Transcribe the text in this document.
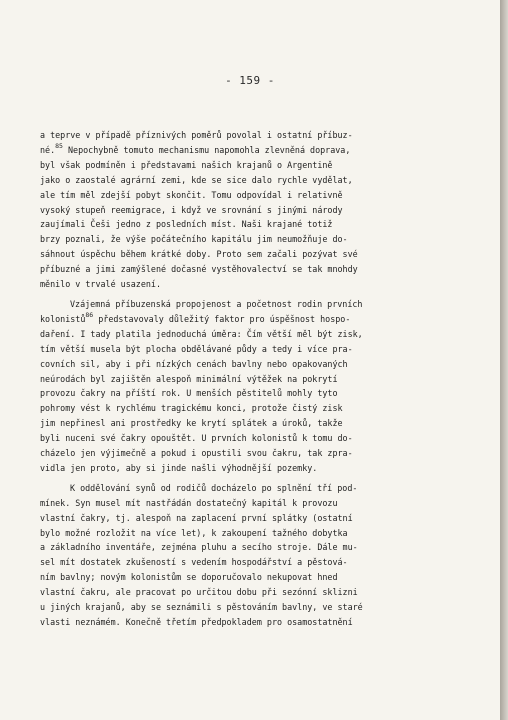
- 159 -
a teprve v případě příznivých poměrů povolal i ostatní příbuz-
né.$^{85}$ Nepochybně tomuto mechanismu napomohla zlevněná doprava,
byl však podmíněn i představami našich krajanů o Argentině
jako o zaostalé agrární zemi, kde se sice dalo rychle vydělat,
ale tím měl zdejší pobyt skončit. Tomu odpovídal i relativně
vysoký stupeň reemigrace, i když ve srovnání s jinými národy
zaujímali Češi jedno z posledních míst. Naši krajané totiž
brzy poznali, že výše počátečního kapitálu jim neumožňuje do-
sáhnout úspěchu během krátké doby. Proto sem začali pozývat své
příbuzné a jimi zamýšlené dočasné vystěhovalectví se tak mnohdy
měnilo v trvalé usazení.
Vzájemná příbuzenská propojenost a početnost rodin prvních
kolonistů$^{86}$ představovaly důležitý faktor pro úspěšnost hospo-
daření. I tady platila jednoduchá úměra: Čím větší měl být zisk,
tím větší musela být plocha obdělávané půdy a tedy i více pra-
covních sil, aby i při nízkých cenách bavlny nebo opakovaných
neúrodách byl zajištěn alespoň minimální výtěžek na pokrytí
provozu čakry na příští rok. U menších pěstitelů mohly tyto
pohromy vést k rychlému tragickému konci, protože čistý zisk
jim nepřinesl ani prostředky ke krytí splátek a úroků, takže
byli nuceni své čakry opouštět. U prvních kolonistů k tomu do-
cházelo jen výjimečně a pokud i opustili svou čakru, tak zpra-
vidla jen proto, aby si jinde našli výhodnější pozemky.
K oddělování synů od rodičů docházelo po splnění tří pod-
mínek. Syn musel mít nastřádán dostatečný kapitál k provozu
vlastní čakry, tj. alespoň na zaplacení první splátky (ostatní
bylo možné rozložit na více let), k zakoupení tažného dobytka
a základního inventáře, zejména pluhu a secího stroje. Dále mu-
sel mít dostatek zkušeností s vedením hospodářství a pěstová-
ním bavlny; novým kolonistům se doporučovalo nekupovat hned
vlastní čakru, ale pracovat po určitou dobu při sezónní sklizni
u jiných krajanů, aby se seznámili s pěstováním bavlny, ve staré
vlasti neznámém. Konečně třetím předpokladem pro osamostatnění
